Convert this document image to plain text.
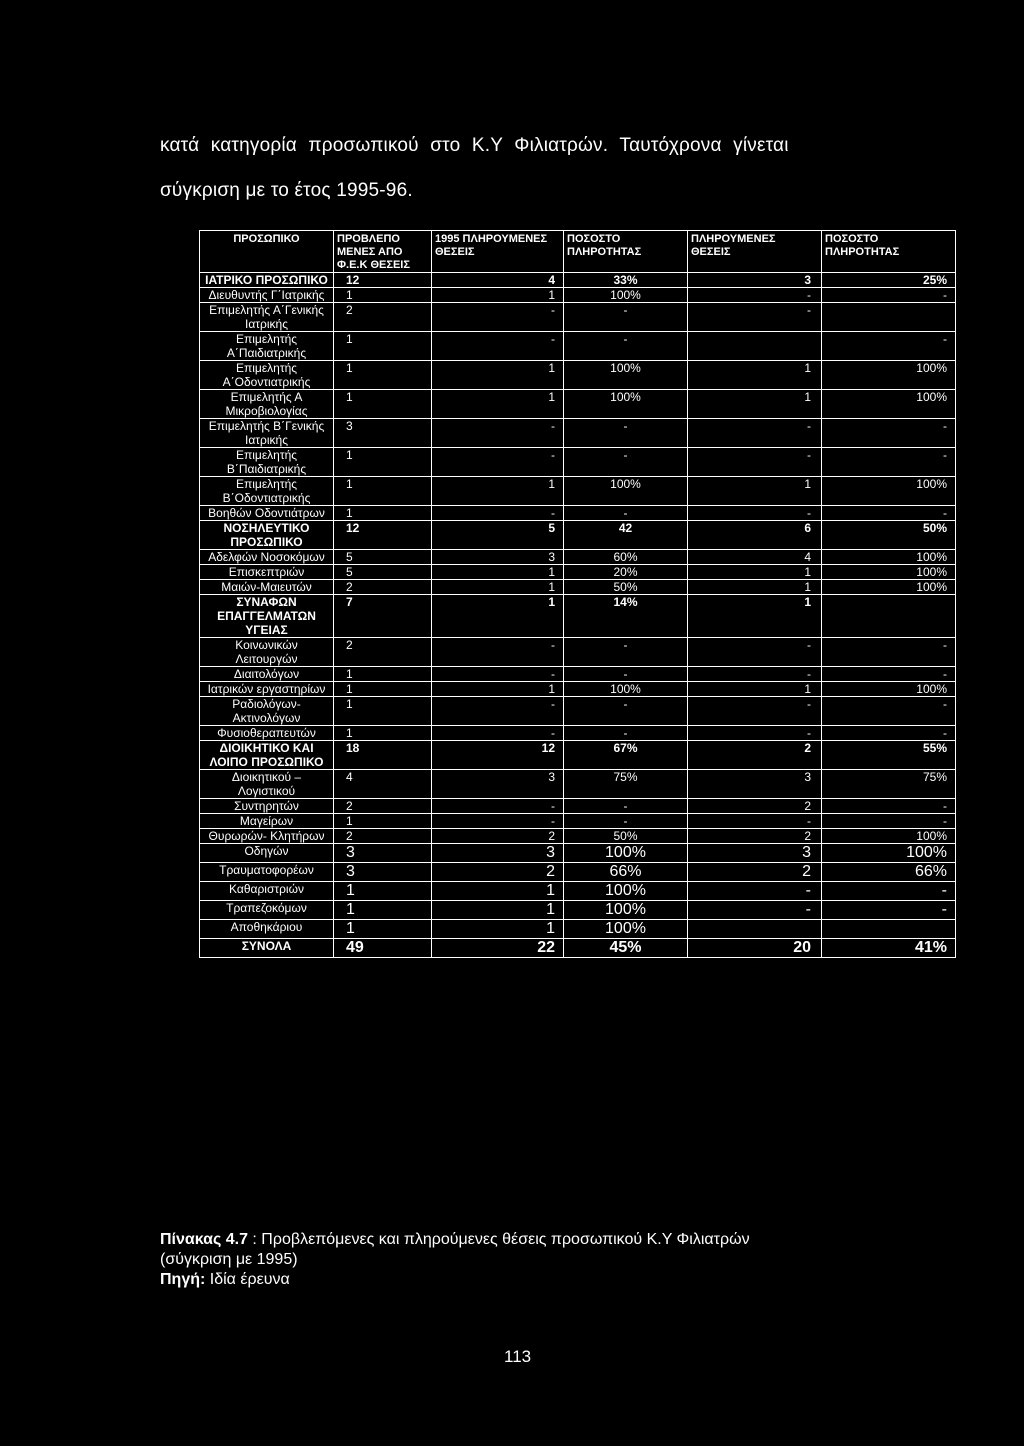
κατά κατηγορία προσωπικού στο Κ.Υ Φιλιατρών. Ταυτόχρονα γίνεται
σύγκριση με το έτος 1995-96.
ΠΡΟΣΩΠΙΚΟ	ΠΡΟΒΛΕΠΟ ΜΕΝΕΣ ΑΠΟ Φ.Ε.Κ ΘΕΣΕΙΣ	1995 ΠΛΗΡΟΥΜΕΝΕΣ ΘΕΣΕΙΣ	ΠΟΣΟΣΤΟ ΠΛΗΡΟΤΗΤΑΣ	ΠΛΗΡΟΥΜΕΝΕΣ ΘΕΣΕΙΣ	ΠΟΣΟΣΤΟ ΠΛΗΡΟΤΗΤΑΣ
ΙΑΤΡΙΚΟ ΠΡΟΣΩΠΙΚΟ	12	4	33%	3	25%
Διευθυντής Γ΄Ιατρικής	1	1	100%	-	-
Επιμελητής Α΄Γενικής Ιατρικής	2	-	-	-	
Επιμελητής Α΄Παιδιατρικής	1	-	-		-
Επιμελητής Α΄Οδοντιατρικής	1	1	100%	1	100%
Επιμελητής Α Μικροβιολογίας	1	1	100%	1	100%
Επιμελητής Β΄Γενικής Ιατρικής	3	-	-	-	-
Επιμελητής Β΄Παιδιατρικής	1	-	-	-	-
Επιμελητής Β΄Οδοντιατρικής	1	1	100%	1	100%
Βοηθών Οδοντιάτρων	1	-	-	-	-
ΝΟΣΗΛΕΥΤΙΚΟ ΠΡΟΣΩΠΙΚΟ	12	5	42	6	50%
Αδελφών Νοσοκόμων	5	3	60%	4	100%
Επισκεπτριών	5	1	20%	1	100%
Μαιών-Μαιευτών	2	1	50%	1	100%
ΣΥΝΑΦΩΝ ΕΠΑΓΓΕΛΜΑΤΩΝ ΥΓΕΙΑΣ	7	1	14%	1	
Κοινωνικών Λειτουργών	2	-	-	-	-
Διαιτολόγων	1	-	-	-	-
Ιατρικών εργαστηρίων	1	1	100%	1	100%
Ραδιολόγων- Ακτινολόγων	1	-	-	-	-
Φυσιοθεραπευτών	1	-	-	-	-
ΔΙΟΙΚΗΤΙΚΟ ΚΑΙ ΛΟΙΠΟ ΠΡΟΣΩΠΙΚΟ	18	12	67%	2	55%
Διοικητικού – Λογιστικού	4	3	75%	3	75%
Συντηρητών	2	-	-	2	-
Μαγείρων	1	-	-	-	-
Θυρωρών- Κλητήρων	2	2	50%	2	100%
Οδηγών	3	3	100%	3	100%
Τραυματοφορέων	3	2	66%	2	66%
Καθαριστριών	1	1	100%	-	-
Τραπεζοκόμων	1	1	100%	-	-
Αποθηκάριου	1	1	100%		
ΣΥΝΟΛΑ	49	22	45%	20	41%
Πίνακας 4.7 : Προβλεπόμενες και πληρούμενες θέσεις προσωπικού Κ.Υ Φιλιατρών
(σύγκριση με 1995)
Πηγή: Ιδία έρευνα
113
